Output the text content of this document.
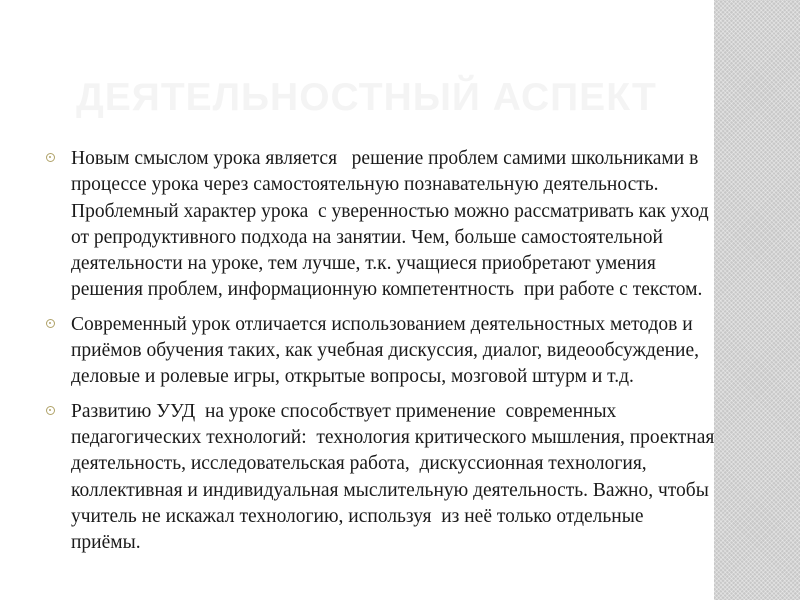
ДЕЯТЕЛЬНОСТНЫЙ АСПЕКТ
Новым смыслом урока является   решение проблем самими школьниками в процессе урока через самостоятельную познавательную деятельность. Проблемный характер урока  с уверенностью можно рассматривать как уход от репродуктивного подхода на занятии. Чем, больше самостоятельной деятельности на уроке, тем лучше, т.к. учащиеся приобретают умения  решения проблем, информационную компетентность  при работе с текстом.
Современный урок отличается использованием деятельностных методов и приёмов обучения таких, как учебная дискуссия, диалог, видеообсуждение, деловые и ролевые игры, открытые вопросы, мозговой штурм и т.д.
Развитию УУД  на уроке способствует применение  современных педагогических технологий:  технология критического мышления, проектная деятельность, исследовательская работа,  дискуссионная технология, коллективная и индивидуальная мыслительную деятельность. Важно, чтобы учитель не искажал технологию, используя  из неё только отдельные приёмы.
